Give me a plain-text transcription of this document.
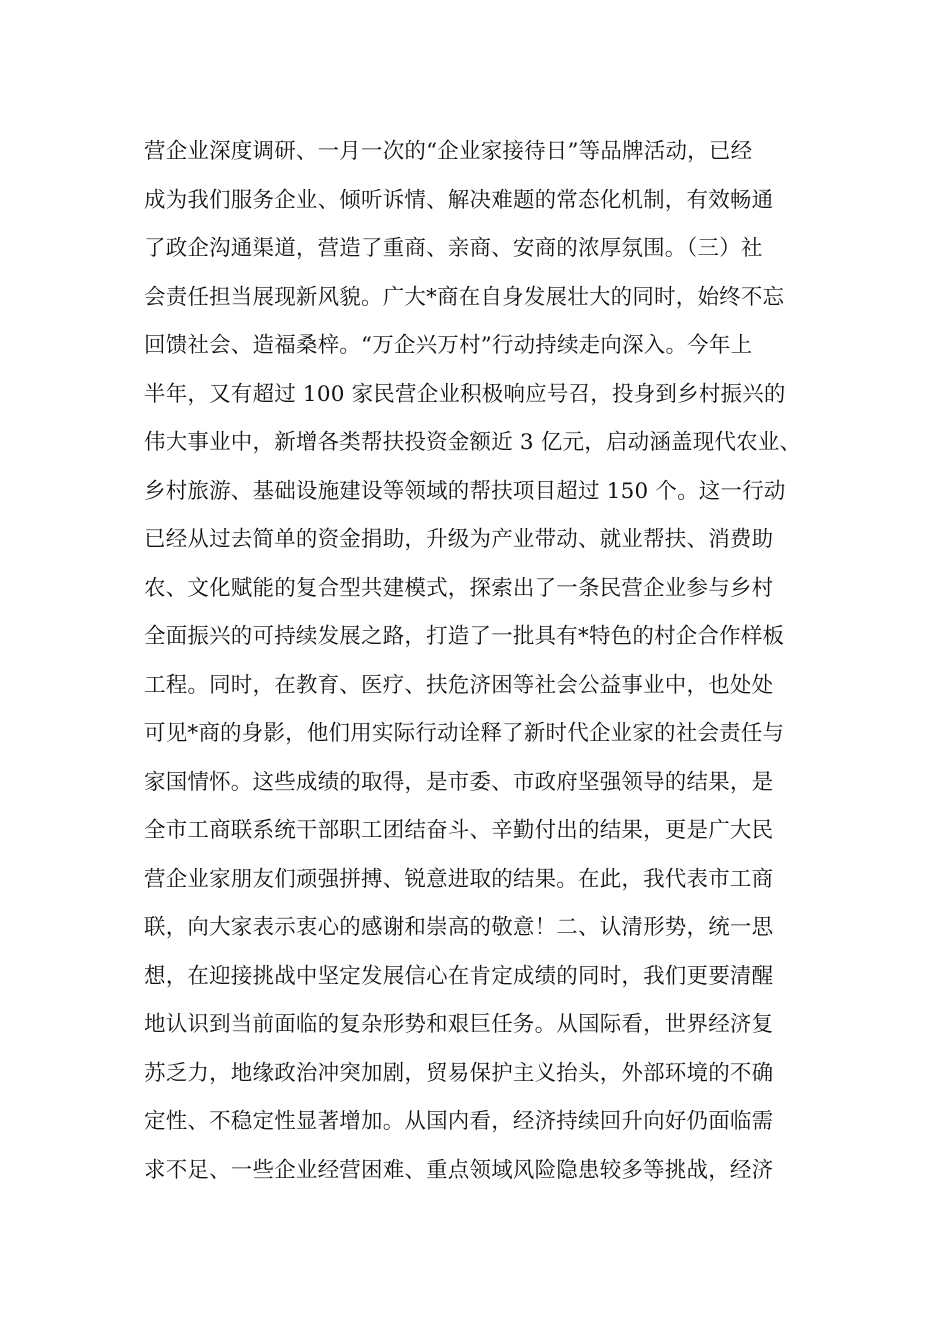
营企业深度调研、一月一次的“企业家接待日”等品牌活动，已经
成为我们服务企业、倾听诉情、解决难题的常态化机制，有效畅通
了政企沟通渠道，营造了重商、亲商、安商的浓厚氛围。（三）社
会责任担当展现新风貌。广大*商在自身发展壮大的同时，始终不忘
回馈社会、造福桑梓。“万企兴万村”行动持续走向深入。今年上
半年，又有超过 100 家民营企业积极响应号召，投身到乡村振兴的
伟大事业中，新增各类帮扶投资金额近 3 亿元，启动涵盖现代农业、
乡村旅游、基础设施建设等领域的帮扶项目超过 150 个。这一行动
已经从过去简单的资金捐助，升级为产业带动、就业帮扶、消费助
农、文化赋能的复合型共建模式，探索出了一条民营企业参与乡村
全面振兴的可持续发展之路，打造了一批具有*特色的村企合作样板
工程。同时，在教育、医疗、扶危济困等社会公益事业中，也处处
可见*商的身影，他们用实际行动诠释了新时代企业家的社会责任与
家国情怀。这些成绩的取得，是市委、市政府坚强领导的结果，是
全市工商联系统干部职工团结奋斗、辛勤付出的结果，更是广大民
营企业家朋友们顽强拼搏、锐意进取的结果。在此，我代表市工商
联，向大家表示衷心的感谢和崇高的敬意！二、认清形势，统一思
想，在迎接挑战中坚定发展信心在肯定成绩的同时，我们更要清醒
地认识到当前面临的复杂形势和艰巨任务。从国际看，世界经济复
苏乏力，地缘政治冲突加剧，贸易保护主义抬头，外部环境的不确
定性、不稳定性显著增加。从国内看，经济持续回升向好仍面临需
求不足、一些企业经营困难、重点领域风险隐患较多等挑战，经济
